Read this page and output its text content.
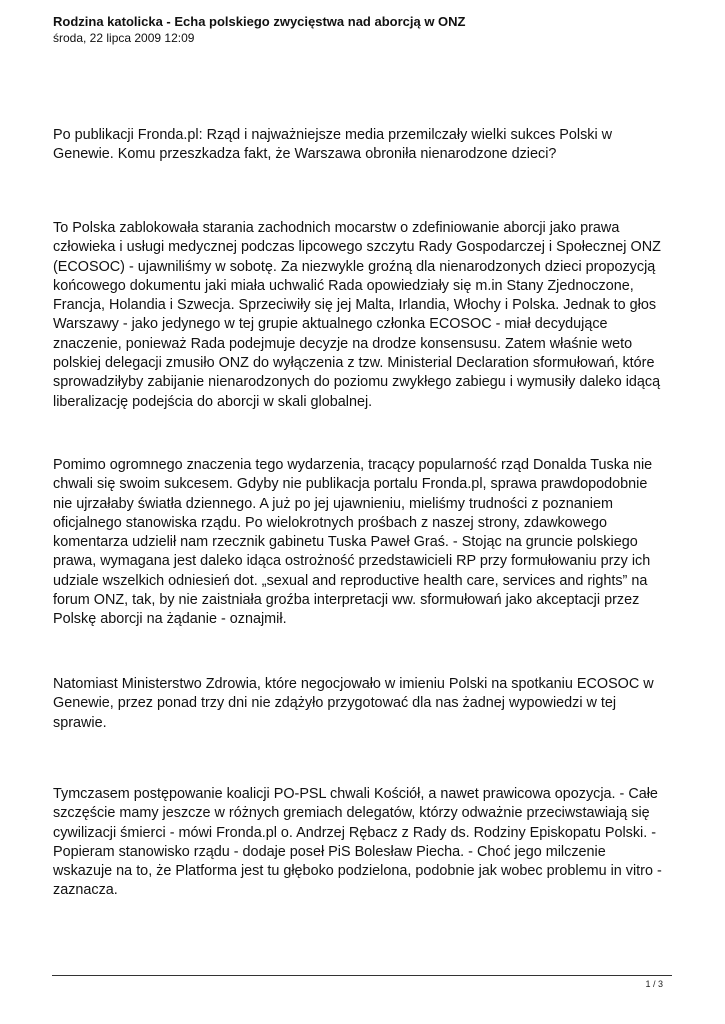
Rodzina katolicka - Echa polskiego zwycięstwa nad aborcją w ONZ

środa, 22 lipca 2009 12:09

Po publikacji Fronda.pl: Rząd i najważniejsze media przemilczały wielki sukces Polski w
Genewie. Komu przeszkadza fakt, że Warszawa obroniła nienarodzone dzieci?

To Polska zablokowała starania zachodnich mocarstw o zdefiniowanie aborcji jako prawa
człowieka i usługi medycznej podczas lipcowego szczytu Rady Gospodarczej i Społecznej ONZ
(ECOSOC) - ujawniliśmy w sobotę. Za niezwykle groźną dla nienarodzonych dzieci propozycją
końcowego dokumentu jaki miała uchwalić Rada opowiedziały się m.in Stany Zjednoczone,
Francja, Holandia i Szwecja. Sprzeciwiły się jej Malta, Irlandia, Włochy i Polska. Jednak to głos
Warszawy - jako jedynego w tej grupie aktualnego członka ECOSOC - miał decydujące
znaczenie, ponieważ Rada podejmuje decyzje na drodze konsensusu. Zatem właśnie weto
polskiej delegacji zmusiło ONZ do wyłączenia z tzw. Ministerial Declaration sformułowań, które
sprowadziłyby zabijanie nienarodzonych do poziomu zwykłego zabiegu i wymusiły daleko idącą
liberalizację podejścia do aborcji w skali globalnej.

Pomimo ogromnego znaczenia tego wydarzenia, tracący popularność rząd Donalda Tuska nie
chwali się swoim sukcesem. Gdyby nie publikacja portalu Fronda.pl, sprawa prawdopodobnie
nie ujrzałaby światła dziennego. A już po jej ujawnieniu, mieliśmy trudności z poznaniem
oficjalnego stanowiska rządu. Po wielokrotnych prośbach z naszej strony, zdawkowego
komentarza udzielił nam rzecznik gabinetu Tuska Paweł Graś. - Stojąc na gruncie polskiego
prawa, wymagana jest daleko idąca ostrożność przedstawicieli RP przy formułowaniu przy ich
udziale wszelkich odniesień dot. „sexual and reproductive health care, services and rights” na
forum ONZ, tak, by nie zaistniała groźba interpretacji ww. sformułowań jako akceptacji przez
Polskę aborcji na żądanie - oznajmił.

Natomiast Ministerstwo Zdrowia, które negocjowało w imieniu Polski na spotkaniu ECOSOC w
Genewie, przez ponad trzy dni nie zdążyło przygotować dla nas żadnej wypowiedzi w tej
sprawie.

Tymczasem postępowanie koalicji PO-PSL chwali Kościół, a nawet prawicowa opozycja. - Całe
szczęście mamy jeszcze w różnych gremiach delegatów, którzy odważnie przeciwstawiają się
cywilizacji śmierci - mówi Fronda.pl o. Andrzej Rębacz z Rady ds. Rodziny Episkopatu Polski. -
Popieram stanowisko rządu - dodaje poseł PiS Bolesław Piecha. - Choć jego milczenie
wskazuje na to, że Platforma jest tu głęboko podzielona, podobnie jak wobec problemu in vitro -
zaznacza.

1 / 3
